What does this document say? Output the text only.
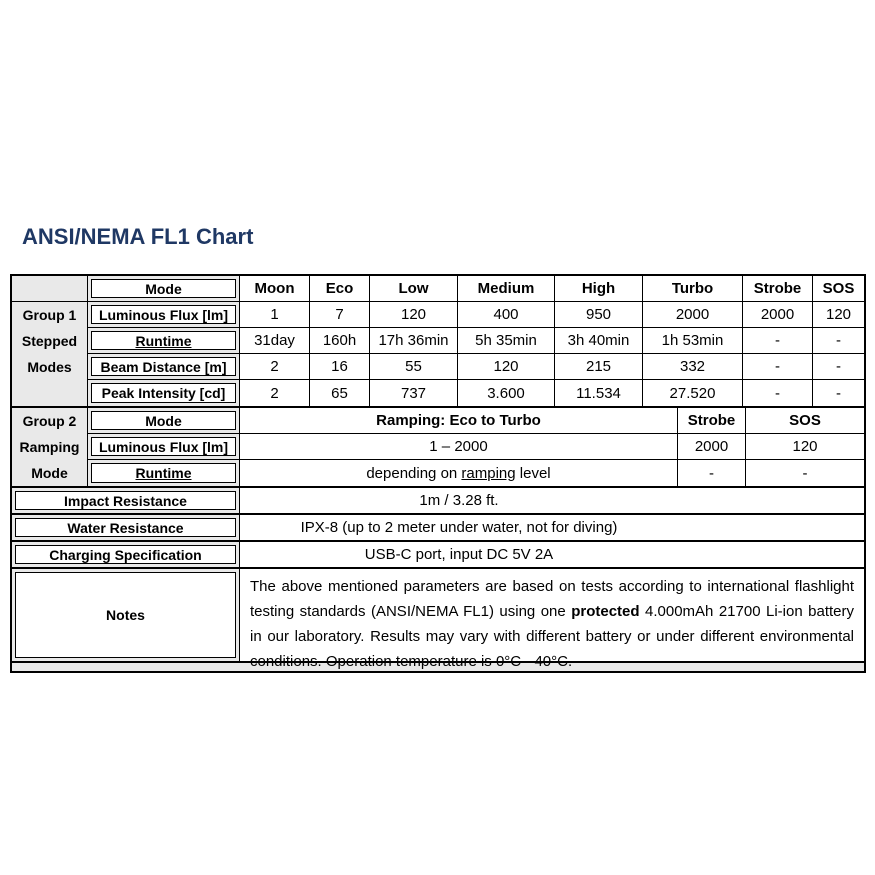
ANSI/NEMA FL1 Chart
Mode	Moon	Eco	Low	Medium	High	Turbo	Strobe	SOS
Group 1
Stepped
Modes
Luminous Flux [lm]	1	7	120	400	950	2000	2000	120
Runtime	31day	160h	17h 36min	5h 35min	3h 40min	1h 53min	-	-
Beam Distance [m]	2	16	55	120	215	332	-	-
Peak Intensity [cd]	2	65	737	3.600	11.534	27.520	-	-
Group 2
Ramping
Mode
Mode	Ramping: Eco to Turbo	Strobe	SOS
Luminous Flux [lm]	1 – 2000	2000	120
Runtime	depending on ramping level	-	-
Impact Resistance	1m / 3.28 ft.
Water Resistance	IPX-8 (up to 2 meter under water, not for diving)
Charging Specification	USB-C port, input DC 5V 2A
Notes

The above mentioned parameters are based on tests according to international flashlight testing standards (ANSI/NEMA FL1) using one protected 4.000mAh 21700 Li-ion battery in our laboratory. Results may vary with different battery or under different environmental conditions. Operation temperature is 0°C - 40°C.
